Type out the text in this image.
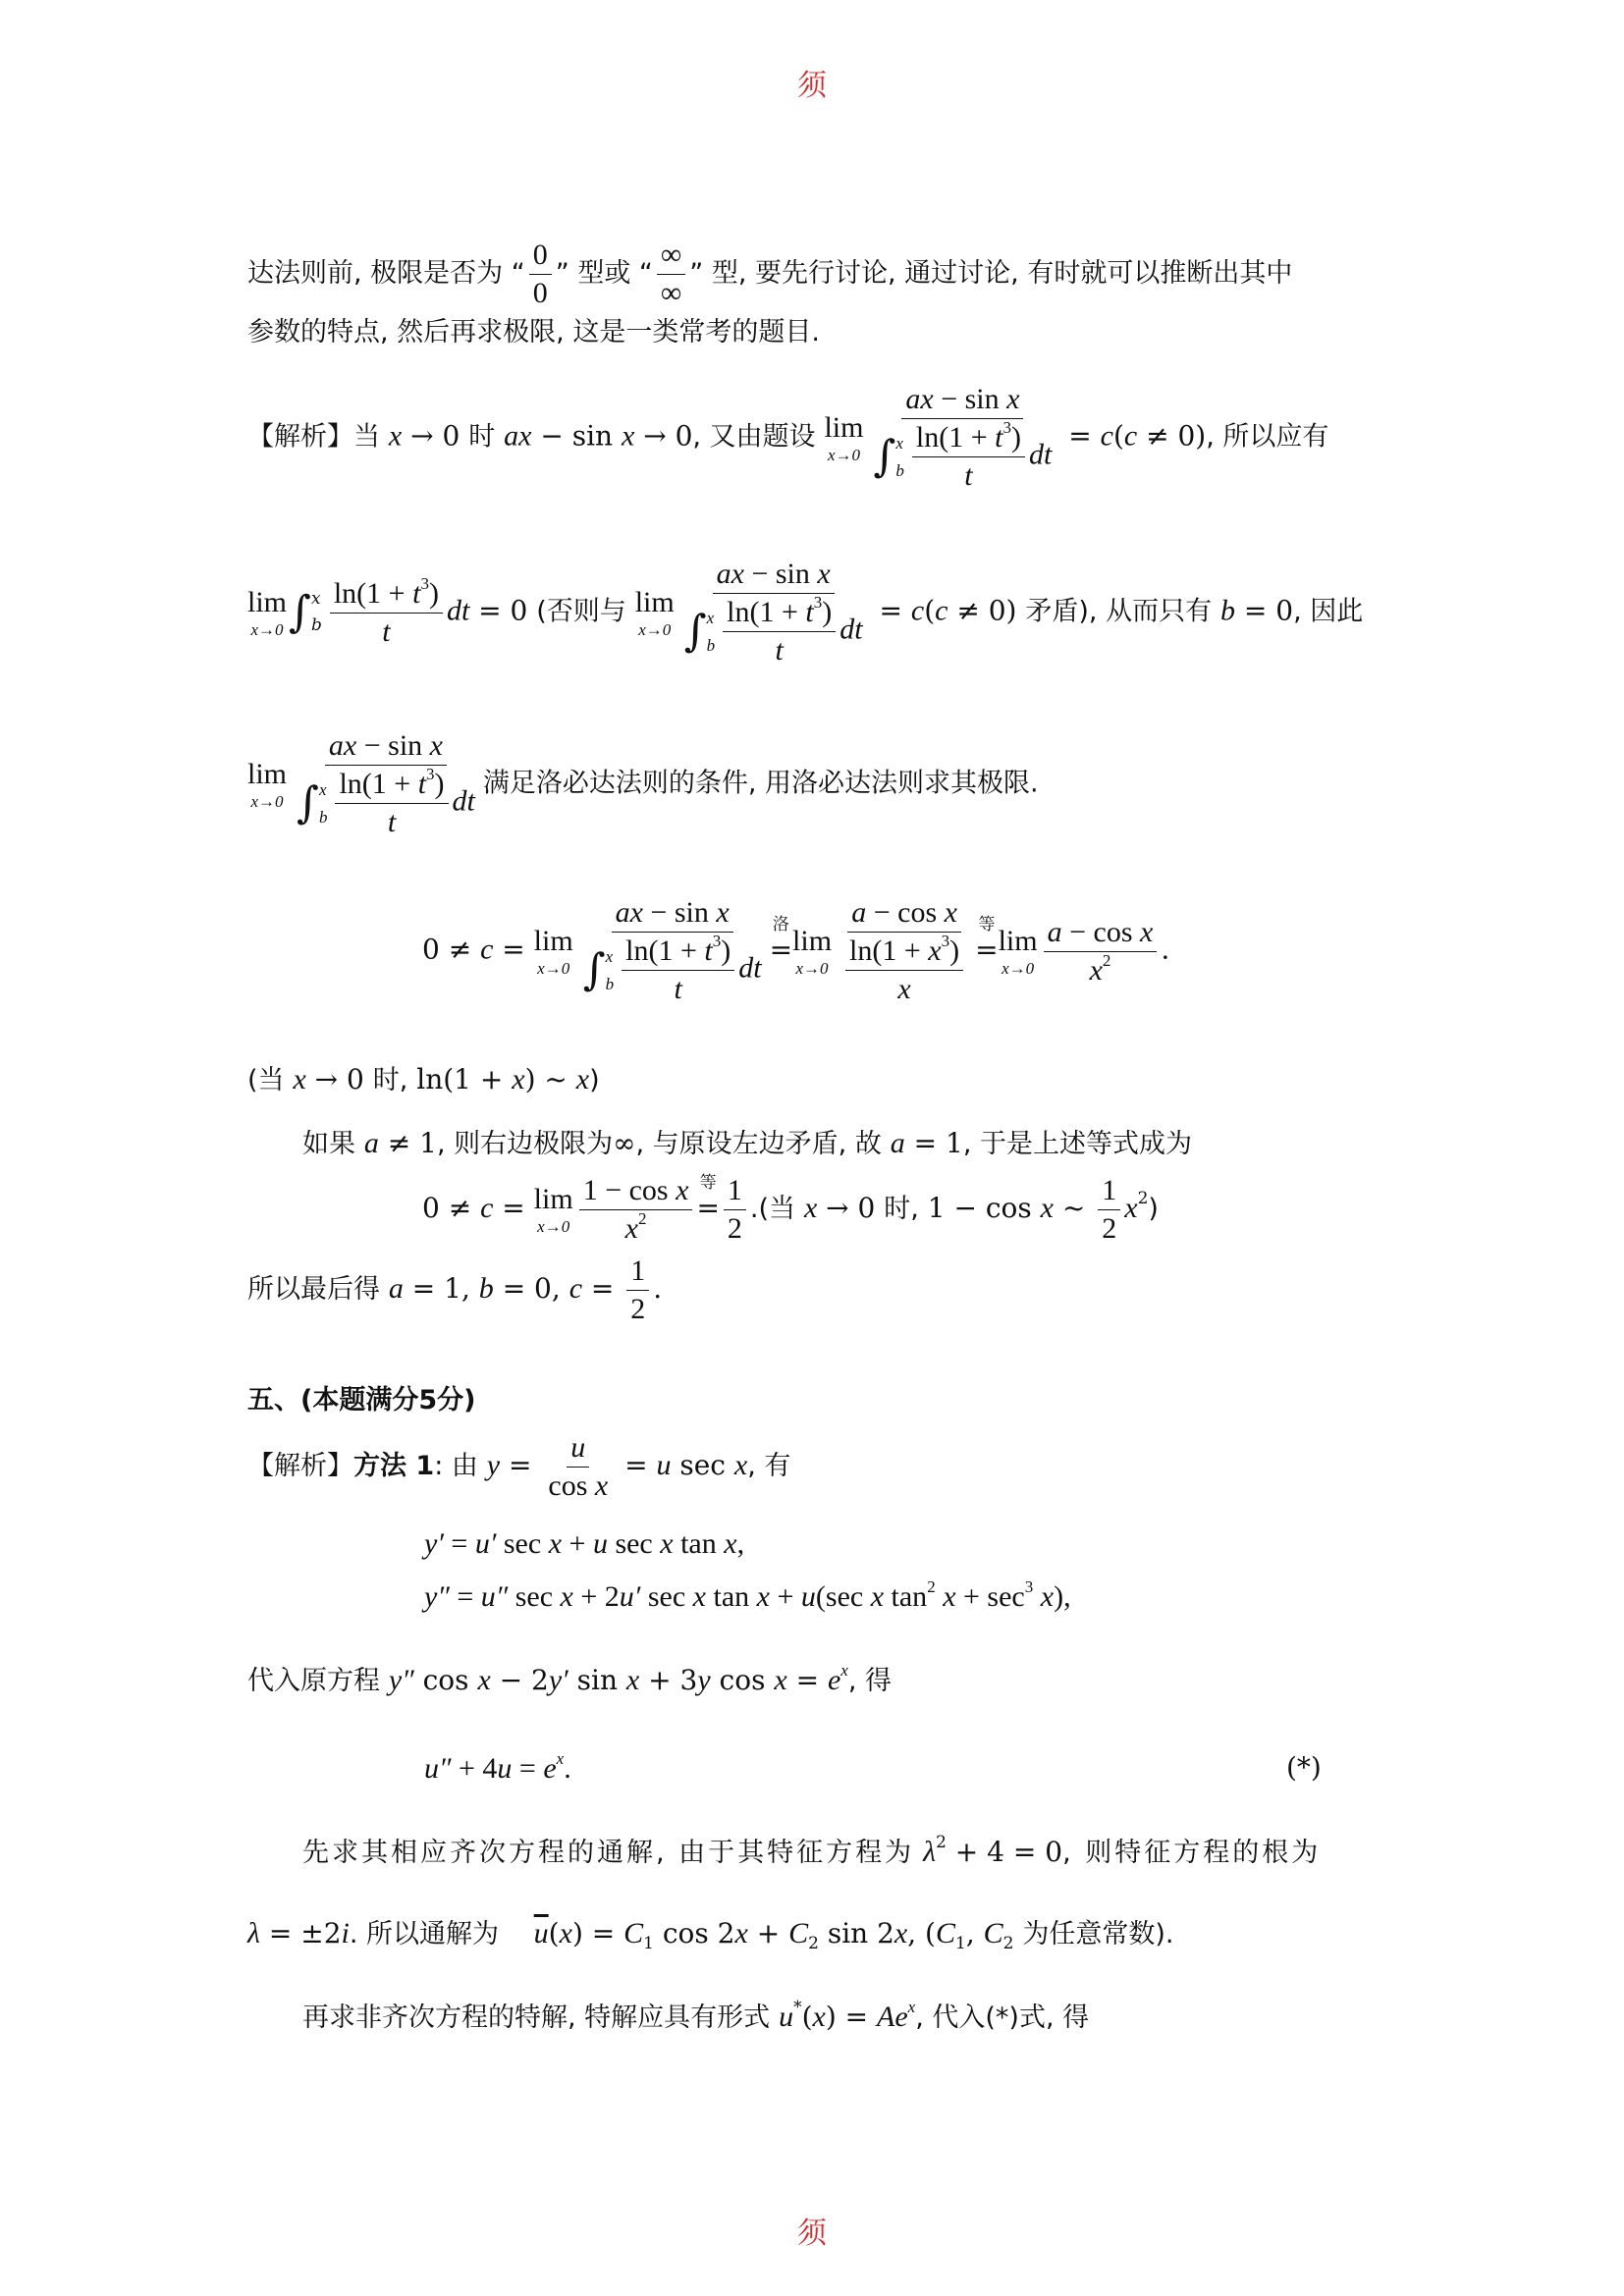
须
达法则前, 极限是否为 “ $\frac{0}{0}$ ” 型或 “ $\frac{\infty}{\infty}$ ” 型, 要先行讨论, 通过讨论, 有时就可以推断出其中
参数的特点, 然后再求极限, 这是一类常考的题目.
【解析】当 x → 0 时 ax − sin x → 0, 又由题设 lim
x→0 ax − sin x
∫ x
b $\frac{\ln(1 + t^3)}{t}$ dt = c(c ≠ 0), 所以应有
lim
x→0 ∫ x
b $\frac{\ln(1 + t^3)}{t}$ dt = 0 (否则与 lim
x→0 ax − sin x
∫ x
b $\frac{\ln(1 + t^3)}{t}$ dt = c(c ≠ 0) 矛盾), 从而只有 b = 0, 因此
lim
x→0 ax − sin x
∫ x
b $\frac{\ln(1 + t^3)}{t}$ dt 满足洛必达法则的条件, 用洛必达法则求其极限.
0 ≠ c = lim
x→0 ax − sin x
∫ x
b $\frac{\ln(1 + t^3)}{t}$ dt =
洛 lim
$x\to 0 \frac{\text{a − cos x}}{\frac{\ln(1 + x^3)}{x}}$ =
等 lim
$x\to 0 \frac{\text{a − cos x}}{x^2}$ .
(当 x → 0 时, ln(1 + x) ~ x)
如果 a ≠ 1, 则右边极限为∞, 与原设左边矛盾, 故 a = 1, 于是上述等式成为
0 ≠ c = lim
$x\to 0 \frac{\text{1 − cos x}}{x^2}$ =
等 $\frac{1}{2}$ .(当 x → 0 时, 1 − cos x ~ $\frac{1}{2} x^2$)
所以最后得 a = 1, b = 0, $c = \frac{1}{2}$ .
五、(本题满分5分)
【解析】方法 1: 由 $y = \frac{u}{\text{cos x}} = u$ sec x, 有
y′ = u′ sec x + u sec x tan x,
y″ = u″ sec x + 2u′ sec x tan x + u(sec x $\tan^2 x + \sec^3 x$),
代入原方程 y″ cos x − 2y′ sin x + 3y $\cos x = e^x$, 得
$u'' + 4u = e^x$.	(*)
先求其相应齐次方程的通解, 由于其特征方程为 $\lambda^2 + 4 = 0$, 则特征方程的根为
λ = ±2i. 所以通解为 $\overline{u}(x) = C_1$ $\cos 2x + C_2$ sin 2x, ($C_1$, $C_2$ 为任意常数).
再求非齐次方程的特解, 特解应具有形式 $u^*(x) = Ae^x$, 代入(*)式, 得
须
